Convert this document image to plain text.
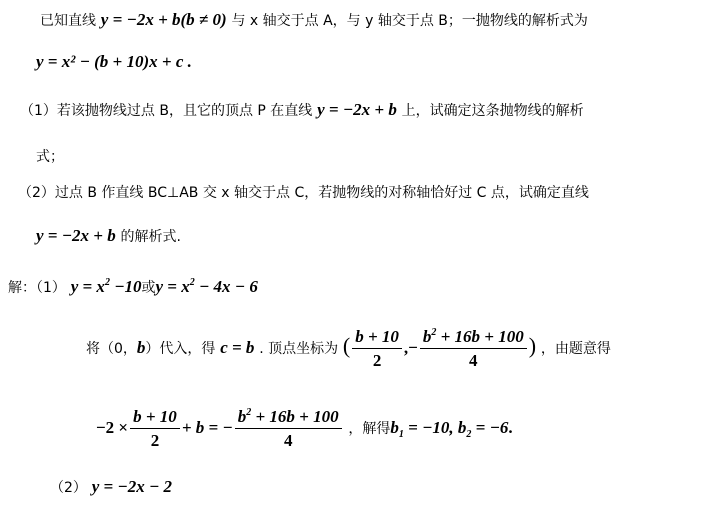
已知直线 y = −2x + b(b ≠ 0) 与 x 轴交于点 A，与 y 轴交于点 B；一抛物线的解析式为
y = x² − (b + 10)x + c .
（1）若该抛物线过点 B，且它的顶点 P 在直线 y = −2x + b 上，试确定这条抛物线的解析
式；
（2）过点 B 作直线 BC⊥AB 交 x 轴交于点 C，若抛物线的对称轴恰好过 C 点，试确定直线
y = −2x + b 的解析式.
解：（1） $y = x^2 -10$或$y = x^2 - 4x - 6$
将（0，b）代入，得 c = b . 顶点坐标为 ( $\frac{b + 10}{2}$ ,− $\frac{b^2 + 16b + 100}{4}$ ) ，由题意得
$-2 \times \frac{b + 10}{2} + b$ = − $\frac{b^2 + 16b + 100}{4}$ ，解得$b_1 = -10$, $b_2 = -6$.
（2） y = −2x − 2
